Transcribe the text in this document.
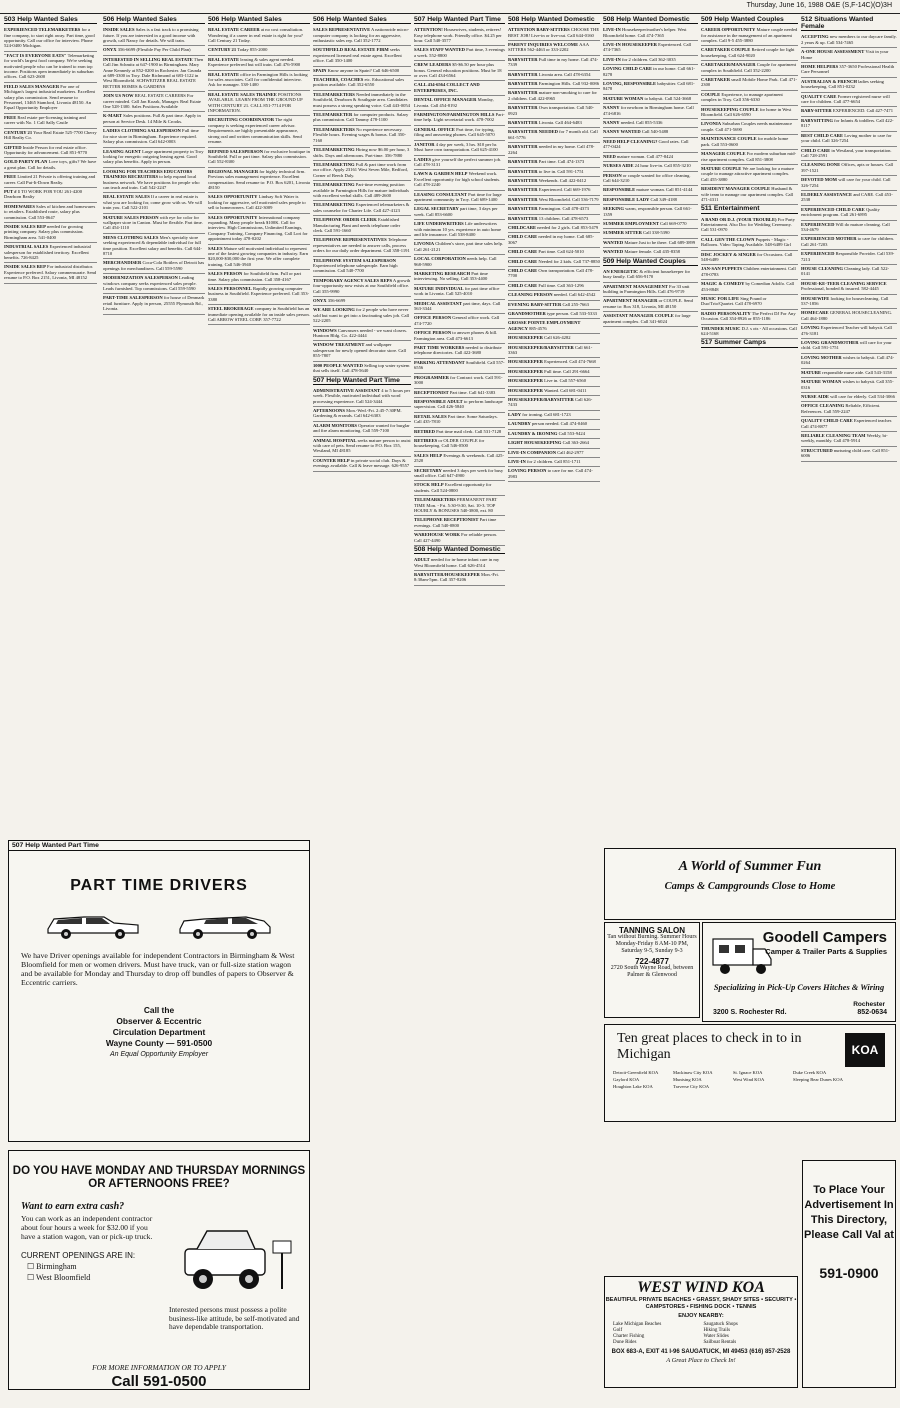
Thursday, June 16, 1988 O&E (S,F-14C)(O)3H
503 Help Wanted Sales
EXPERIENCED TELEMARKETERS for a fine company, to start right away. Part time, good opportunity. Call our office for interview. Phone 524-0400 Michigan.
"FACT IS EVERYONE EATS" Telemarketing for world's largest food company. We're seeking motivated people who can be trained to earn top income. Positions open immediately in suburban offices. Call 623-2600
FIELD SALES MANAGER For one of Michigan's largest industrial marketers. Excellent salary plus commission. Send resume to Personnel, 13465 Stamford, Livonia 48150. An Equal Opportunity Employer
FREE Real estate pre-licensing training and career with No. 1 Call Sally Castle
CENTURY 21 Your Real Estate 525-7700 Cherry Hill Realty Co.
GIFTED Inside Person for real estate office. Opportunity for advancement. Call 851-9770
GOLD PARTY PLAN Love toys, gifts? We have a great plan. Call for details.
FREE Limited 21 Private is offering training and career. Call Put-It-Down Realty.
PUT # 1 TO WORK FOR YOU 261-4200 Dearborn Realty
HOMEWARES Sales of kitchen and homewares to retailers. Established route, salary plus commission. Call 553-0647
INSIDE SALES REP needed for growing printing company. Salary plus commission. Birmingham area. 541-0400
INDUSTRIAL SALES Experienced industrial salesperson for established territory. Excellent benefits. 726-8425
INSIDE SALES REP For industrial distributor. Experience preferred. Salary commensurate. Send resume to P.O. Box 2151, Livonia, MI 48152
506 Help Wanted Sales
INSIDE SALES Sales is a fast track to a promising future. If you are interested in a good income with growth, call Nancy for details. We will train.
ONYX 356-6699 (Flexible Pay Per Child Plan)
INTERESTED IN SELLING REAL ESTATE Then Call Jim Schmitz at 647-1900 in Birmingham. Mary Anne Kennedy at 852-0200 in Rochester. Jan Grunda at 689-3300 in Troy. Dale Richmond at 683-1122 in West Bloomfield. SCHWEITZER REAL ESTATE BETTER HOMES & GARDENS
JOIN US NOW REAL ESTATE CAREERS For career minded. Call Jan Kozak, Manager. Real Estate One 528-1300. Sales Positions Available
K-MART Sales positions. Full & part time. Apply in person at Service Desk. 14 Mile & Crooks.
LADIES CLOTHING SALESPERSON Full time for nice store in Birmingham. Experience required. Salary plus commission. Call 642-0003
LEASING AGENT Large apartment property in Troy looking for energetic outgoing leasing agent. Good salary plus benefits. Apply in person.
LOOKING FOR TEACHERS EDUCATORS TRAINERS RECRUITERS to help expand local business network. We have positions for people who can teach and train. Call 542-2247
REAL ESTATE SALES If a career in real estate is what you are looking for, come grow with us. We will train you. Call 522-2101
MATURE SALES PERSON with eye for color for wallpaper store in Canton. Must be flexible. Part time. Call 454-1110
MENS CLOTHING SALES Men's specialty store seeking experienced & dependable individual for full time position. Excellent salary and benefits. Call 644-8710
MERCHANDISER Coca-Cola Bottlers of Detroit has openings for merchandisers. Call 559-5590
MODERNIZATION SALESPERSON Leading windows company seeks experienced sales people. Leads furnished. Top commissions. Call 559-5590
PART-TIME SALESPERSON for house of Denmark retail furniture. Apply in person, 25555 Plymouth Rd., Livonia.
506 Help Wanted Sales
REAL ESTATE CAREER at no cost consultation. Wondering if a career in real estate is right for you? Call Century 21 Today.
CENTURY 21 Today 855-2000
REAL ESTATE leasing & sales agent needed. Experience preferred but will train. Call 476-5900
REAL ESTATE office in Farmington Hills is looking for sales associates. Call for confidential interview. Ask for manager. 538-1400
REAL ESTATE SALES TRAINEE POSITIONS AVAILABLE. LEARN FROM THE GROUND UP WITH CENTURY 21. CALL 851-7714 FOR INFORMATION.
RECRUITING COORDINATOR The right company is seeking experienced career advisor. Requirements are highly presentable appearance, strong oral and written communication skills. Send resume.
REFINED SALESPERSON for exclusive boutique in Southfield. Full or part time. Salary plus commission. Call 552-8300
REGIONAL MANAGER for highly technical firm. Previous sales management experience. Excellent compensation. Send resume to: P.O. Box 6201, Livonia 48150
SALES OPPORTUNITY Lindsay Soft Water is looking for aggressive, self motivated sales people to sell to homeowners. Call 422-3009
SALES OPPORTUNITY International company expanding. Many people break $100K. Call for interview. High Commissions, Unlimited Earnings, Company Training, Company Financing. Call Lori for appointment today 478-0202
SALES Mature self motivated individual to represent one of the fastest growing companies in industry. Earn $20,000-$30,000 the first year. We offer complete training. Call 546-3940
SALES PERSON for Southfield firm. Full or part time. Salary plus commission. Call 358-4167
SALES PERSONNEL Rapidly growing computer business in Southfield. Experience preferred. Call 353-3380
STEEL BROKERAGE company in Southfield has an immediate opening available for an inside sales person. Call ARROW STEEL CORP. 357-7722
506 Help Wanted Sales
SALES REPRESENTATIVE A nationwide micro-computer company is looking for an aggressive, enthusiastic sales rep. Call 352-1772
SOUTHFIELD REAL ESTATE FIRM seeks experienced licensed real estate agent. Excellent office. Call 350-1400
SPAIN Know anyone in Spain? Call 646-6500
TEACHERS, COACHES etc. Educational sales position available. Call 352-6550
TELEMARKETERS Needed immediately in the Southfield, Dearborn & Southgate area. Candidates must possess a strong speaking voice. Call 443-0054
TELEMARKETER for computer products. Salary plus commission. Call Tammy 478-1100
TELEMARKETERS No experience necessary. Flexible hours. Evening wages & bonus. Call 350-7160
TELEMARKETING Hiring now $6.00 per hour, 3 shifts. Days and afternoons. Part-time. 356-7880
TELEMARKETING Full & part time work from our office. Apply 23161 West Seven Mile, Redford, Corner of Beech Daly.
TELEMARKETING Part-time evening position available in Farmington Hills for mature individuals with excellent verbal skills. Call 489-2600
TELEMARKETING Experienced telemarketers & sales counselor for Charter Life. Call 427-4123
TELEPHONE ORDER CLERK Established Manufacturing Plant and needs telephone order clerk. Call 591-1660
TELEPHONE REPRESENTATIVES Telephone representatives are needed to answer calls, process orders for our daily order department. Call 358-1191
TELEPHONE SYSTEM SALESPERSON Experienced telephone salespeople. Earn high commission. Call 540-7700
TEMPORARY AGENCY SALES REPS A growth four-opportunity now exists at our Southfield office. Call 355-9990
ONYX 356-6699
WE ARE LOOKING for 2 people who have never sold but want to get into a fascinating sales job. Call 522-2205
WINDOWS Canvassers needed - we want closers. Huntoon Bldg. Co. 422-4444
WINDOW TREATMENT and wallpaper salesperson for newly opened decorator store. Call 855-7807
1000 PEOPLE WANTED Selling top water system that sells itself. Call 478-5640
507 Help Wanted Part Time
ADMINISTRATIVE ASSISTANT 4 to 5 hours per week. Flexible, motivated individual with word processing experience. Call 524-3444
AFTERNOONS Mon.-Wed.-Fri. 2:45-7:30PM. Gardening & errands. Call 642-6303
ALARM MONITORS Operator wanted for burglar and fire alarm monitoring. Call 559-7100
ANIMAL HOSPITAL seeks mature person to assist with care of pets. Send resume to P.O. Box 155, Westland, MI 48185
COUNTER HELP in private social club. Days & evenings available. Call & leave message. 626-9557
507 Help Wanted Part Time
ATTENTION! Housewives, students, retirees! Easy telephone work. Friendly office. $4.25 per hour. Call 540-3577
SALES STAFF WANTED Part time, 3 evenings a week. 552-8800
CREW LEADERS $5-$6.50 per hour plus bonus. General education positions. Must be 18 or over. Call 434-6564
CALL 434-6564 COLLECT AND ENTERPRISES, INC.
DENTAL OFFICE MANAGER Monday, Livonia. Call 454-8192
FARMINGTON/FARMINGTON HILLS Part-time help. Light secretarial work. 478-7002
GENERAL OFFICE Part time, for typing, filing and answering phones. Call 645-5070
JANITOR 4 day per week, 3 hrs. $10 per hr. Must have own transportation. Call 625-4100
LADIES give yourself the perfect summer job. Call 478-3131
LAWN & GARDEN HELP Weekend work. Excellent opportunity for high school students. Call 478-2240
LEASING CONSULTANT Part time for large apartment community in Troy. Call 689-1400
LEGAL SECRETARY part time, 3 days per week. Call 853-6600
LIFE UNDERWRITERS Life underwriters with minimum 10 yrs. experience in auto home and life insurance. Call 538-8400
LIVONIA Children's store, part time sales help. Call 261-2121
LOCAL CORPORATION needs help. Call 968-5900
MARKETING RESEARCH Part time interviewing. No selling. Call 353-4400
MATURE INDIVIDUAL for part time office work in Livonia. Call 525-4010
MEDICAL ASSISTANT part time, days. Call 563-3344
OFFICE PERSON General office work. Call 474-7720
OFFICE PERSON to answer phones & bill. Farmington area. Call 473-6613
PART TIME WORKERS needed to distribute telephone directories. Call 422-3680
PARKING ATTENDANT Southfield. Call 557-6556
PROGRAMMER for Contract work. Call 591-3000
RECEPTIONIST Part time. Call 641-3383
RESPONSIBLE ADULT to perform landscape supervision. Call 426-5840
RETAIL SALES Part time. Some Saturdays. Call 435-7810
RETIRED Part time mail clerk. Call 531-7128
RETIREES or OLDER COUPLE for housekeeping. Call 546-0500
SALES HELP Evenings & weekends. Call 425-2520
SECRETARY needed 3 days per week for busy small office. Call 647-4900
STOCK HELP Excellent opportunity for students. Call 524-0800
TELEMARKETERS PERMANENT PART TIME Mon. - Fri. 5:30-9:30, Sat. 10-3. TOP HOURLY & BONUSES 540-3800, ext. 80
TELEPHONE RECEPTIONIST Part time evenings. Call 540-0800
WAREHOUSE WORK For reliable person. Call 427-4490
508 Help Wanted Domestic
ADULT needed for in-home infant care in my West Bloomfield home. Call 626-4514
BABYSITTER/HOUSEKEEPER Mon.-Fri. 8:30am-5pm. Call 357-8206
508 Help Wanted Domestic
ATTENTION BABY-SITTERS CHOOSE THE BEST JOB! Live-in or live-out. Call 644-0160
PARENT INQUIRIES WELCOME AAA SITTERS 562-4463 or 333-2202
BABYSITTER Full time in my home. Call 474-7339
BABYSITTER Livonia area. Call 478-6354
BABYSITTER Farmington Hills. Call 932-0086
BABYSITTER mature non-smoking to care for 2 children. Call 422-0965
BABYSITTER Own transportation. Call 540-0923
BABYSITTER Livonia. Call 464-6483
BABYSITTER NEEDED for 7 month old. Call 661-5776
BABYSITTER needed in my home. Call 478-2264
BABYSITTER Part time. Call 474-1373
BABYSITTER to live in. Call 591-1751
BABYSITTER Weekends. Call 422-0412
BABYSITTER Experienced. Call 669-1976
BABYSITTER West Bloomfield. Call 536-7179
BABYSITTER Farmington. Call 478-4373
BABYSITTER 13 children. Call 478-6573
CHILDCARE needed for 2 girls. Call 853-5479
CHILD CARE needed in my home. Call 685-3067
CHILD CARE Part time. Call 624-5010
CHILD CARE Needed for 2 kids. Call 737-8850
CHILD CARE Own transportation. Call 478-7700
CHILD CARE Full time. Call 363-1296
CLEANING PERSON needed. Call 642-4542
EVENING BABY-SITTER Call 255-7663
GRANDMOTHER type person. Call 533-5333
GROSSE POINTE EMPLOYMENT AGENCY 885-4576
HOUSEKEEPER Call 626-4282
HOUSEKEEPER/BABYSITTER Call 661-3363
HOUSEKEEPER Experienced. Call 474-7668
HOUSEKEEPER Full time. Call 291-6664
HOUSEKEEPER Live in. Call 557-6560
HOUSEKEEPER Wanted. Call 681-0411
HOUSEKEEPER/BABYSITTER Call 626-7433
LADY for ironing. Call 681-1723
LAUNDRY person needed. Call 474-0460
LAUNDRY & IRONING Call 553-9424
LIGHT HOUSEKEEPING Call 363-2664
LIVE-IN COMPANION Call 462-2977
LIVE-IN for 2 children. Call 851-1711
LOVING PERSON to care for me. Call 474-2983
508 Help Wanted Domestic
LIVE-IN Housekeeper/mother's helper. West Bloomfield home. Call 474-7365
LIVE-IN HOUSEKEEPER Experienced. Call 474-7365
LIVE-IN for 2 children. Call 362-3035
LOVING CHILD CARE in our home. Call 661-8278
LOVING, RESPONSIBLE babysitter. Call 681-8478
MATURE WOMAN to babysit. Call 524-3668
NANNY for newborn in Birmingham home. Call 474-6816
NANNY needed. Call 855-5336
NANNY WANTED Call 540-5488
NEED HELP CLEANING? Good rates. Call 477-0424
NEED mature woman. Call 477-8424
NURSES AIDE 24 hour live-in. Call 855-3210
PERSON or couple wanted for office cleaning. Call 644-3210
RESPONSIBLE mature woman. Call 851-4144
RESPONSIBLE LADY Call 349-4188
SEEKING warm, responsible person. Call 661-1359
SUMMER EMPLOYMENT Call 669-0770
SUMMER SITTER Call 338-5390
WANTED Mature Just to be there. Call 689-3899
WANTED Mature female. Call 435-8358
509 Help Wanted Couples
AN ENERGETIC & efficient housekeeper for busy family. Call 656-9170
APARTMENT MANAGEMENT For 33 unit building in Farmington Hills. Call 476-9719
APARTMENT MANAGER or COUPLE. Send resume to: Box 318, Livonia, MI 48150
ASSISTANT MANAGER COUPLE for large apartment complex. Call 341-6024
509 Help Wanted Couples
CAREER OPPORTUNITY Mature couple needed for assistance in the management of an apartment complex. Call 9-5 455-3880
CARETAKER COUPLE Retired couple for light housekeeping. Call 624-9020
CARETAKER/MANAGER Couple for apartment complex in Southfield. Call 352-2200
CARETAKER small Mobile Home Park. Call 471-2300
COUPLE Experience, to manage apartment complex in Troy. Call 356-6330
HOUSEKEEPING COUPLE for home in West Bloomfield. Call 626-6590
LIVONIA Suburban Couples needs maintenance couple. Call 471-5690
MAINTENANCE COUPLE for mobile home park. Call 553-0600
MANAGER COUPLE For modern suburban mid-rise apartment complex. Call 851-3808
MATURE COUPLE We are looking for a mature couple to manage attractive apartment complex. Call 455-3880
RESIDENT MANAGER COUPLE Husband & wife team to manage our apartment complex. Call 471-4311
511 Entertainment
A BAND OR D.J. (YOUR TROUBLE) For Party Entertainment. Also Doc for Wedding Ceremony. Call 531-0970
CALL GEN THE CLOWN Puppets - Magic - Balloons. Video Taping Available. 548-6489 Girl
DISC JOCKEY & SINGER for Occasions. Call 548-6489
JAN-SAN PUPPETS Children entertainment. Call 478-0783
MAGIC & COMEDY by Comedian Adolfo. Call 453-8848
MUSIC FOR LIFE Sing Pound or Duo/Trio/Quartet. Call 478-6970
RADIO PERSONALITY The Perfect DJ For Any Occasion. Call 354-8926 or 855-1186
THUNDER MUSIC D.J. s ots - All occasions. Call 624-5168
517 Summer Camps
512 Situations Wanted Female
ACCEPTING new members to our daycare family. 2 years & up. Call 534-7465
A-ONE HOUSE ASSESSMENT Visit in your Home
HOME HELPERS 357-3650 Professional Health Care Personnel
AUSTRALIAN & FRENCH ladies seeking housekeeping. Call 851-0232
QUALITY CARE Former registered nurse will care for children. Call 477-6654
BABY-SITTER EXPERIENCED. Call 427-7471
BABYSITTING for Infants & toddlers. Call 422-8117
BEST CHILD CARE Loving mother to care for your child. Call 326-7254
CHILD CARE in Westland, your transportation. Call 728-2591
CLEANING DONE Offices, apts or houses. Call 397-1521
DEVOTED MOM will care for your child. Call 326-7254
ELDERLY ASSISTANCE and CARE. Call 453-2538
EXPERIENCED CHILD CARE Quality enrichment program. Call 261-6895
EXPERIENCED Will do mature cleaning. Call 534-4679
EXPERIENCED MOTHER to care for children. Call 261-7203
EXPERIENCED Responsible Provider. Call 539-7213
HOUSE CLEANING Cleaning lady. Call 522-0141
HOUSE-KE-TEER CLEANING SERVICE Professional, bonded & insured. 582-4445
HOUSEWIFE looking for housecleaning. Call 537-1856
HOMECARE GENERAL HOUSECLEANING. Call 464-1880
LOVING Experienced Teacher will babysit. Call 476-3181
LOVING GRANDMOTHER will care for your child. Call 591-1751
LOVING MOTHER wishes to babysit. Call 474-0264
MATURE responsible nurse aide. Call 543-3158
MATURE WOMAN wishes to babysit. Call 355-0316
NURSE AIDE will care for elderly. Call 534-3066
OFFICE CLEANING Reliable, Efficient. References. Call 559-2247
QUALITY CHILD CARE Experienced teacher. Call 474-8877
RELIABLE CLEANING TEAM Weekly, bi-weekly, monthly. Call 478-5914
STRUCTURED nurturing child care. Call 851-6006
507 Help Wanted Part Time
PART TIME DRIVERS
We have Driver openings available for independent Contractors in Birmingham & West Bloomfield for men or women drivers. Must have truck, van or full-size station wagon and be available for Monday and Thursday to drop off bundles of papers to Observer & Eccentric carriers.
Call the
Observer & Eccentric
Circulation Department
Wayne County — 591-0500
An Equal Opportunity Employer
DO YOU HAVE MONDAY AND THURSDAY MORNINGS OR AFTERNOONS FREE?
Want to earn extra cash?
You can work as an independent contractor about four hours a week for $32.00 if you have a station wagon, van or pick-up truck.
CURRENT OPENINGS ARE IN:
☐ Birmingham
☐ West Bloomfield
Interested persons must possess a polite business-like attitude, be self-motivated and have dependable transportation.
FOR MORE INFORMATION OR TO APPLY
Call 591-0500
A World of Summer Fun
Camps & Campgrounds Close to Home
TANNING SALON
Tan without Burning. Summer Hours Monday-Friday 8 AM-10 PM, Saturday 9-5, Sunday 9-3
722-4877
2720 South Wayne Road, between Palmer & Glenwood
Goodell Campers
Camper & Trailer Parts & Supplies
Specializing in Pick-Up Covers Hitches & Wiring
Rochester
3200 S. Rochester Rd.	852-0634
Ten great places to check in to in Michigan	KOA
Detroit-Greenfield KOA	Mackinaw City KOA	St. Ignace KOA	Duke Creek KOA
Gaylord KOA	Munising KOA	West Wind KOA	Sleeping Bear Dunes KOA
Houghton Lake KOA	Traverse City KOA
WEST WIND KOA
BEAUTIFUL PRIVATE BEACHES • GRASSY, SHADY SITES • SECURITY • CAMPSTORES • FISHING DOCK • TENNIS
ENJOY NEARBY:
Lake Michigan Beaches
Golf
Charter Fishing
Dune Rides
Saugatuck Shops
Hiking Trails
Water Slides
Sailboat Rentals
BOX 683-A, EXIT 41 I-96 SAUGATUCK, MI 49453 (616) 857-2528
A Great Place to Check In!
To Place Your Advertisement In This Directory, Please Call Val at
591-0900
